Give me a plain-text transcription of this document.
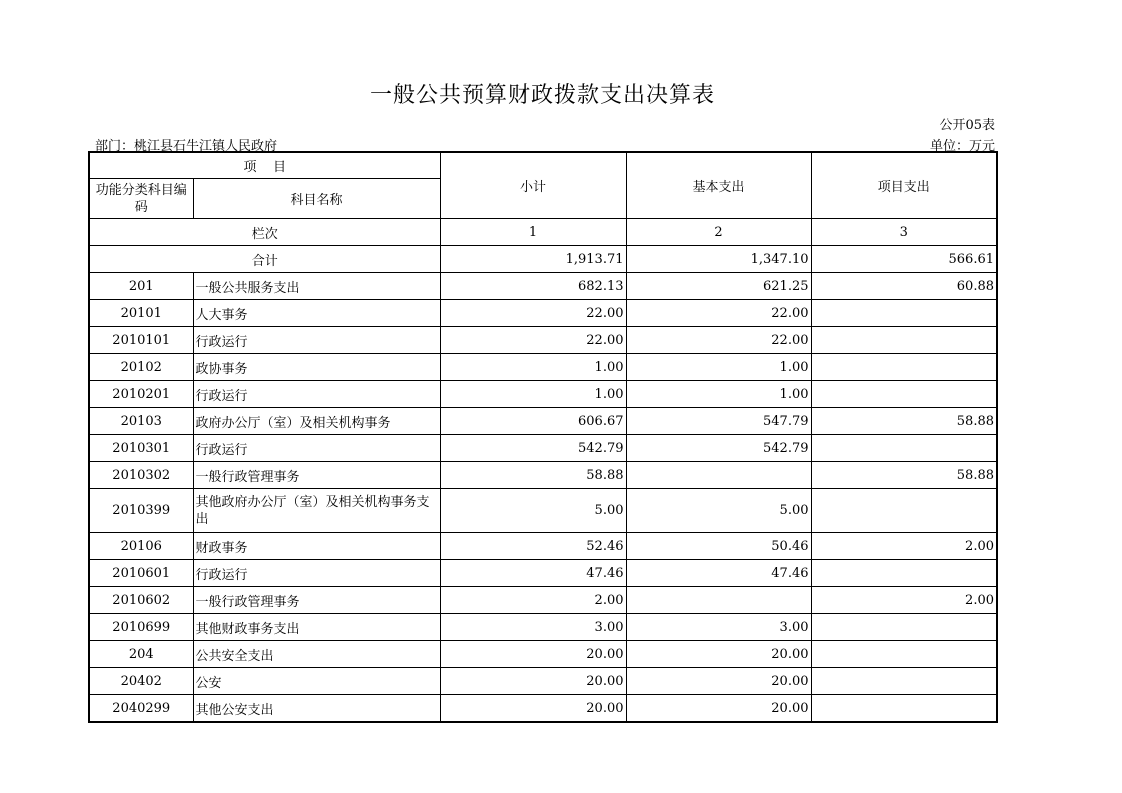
一般公共预算财政拨款支出决算表
公开05表
部门：桃江县石牛江镇人民政府	单位：万元
项    目		小计	基本支出	项目支出
功能分类科目编码	科目名称			
栏次		1	2	3
合计		1,913.71	1,347.10	566.61
201	一般公共服务支出	682.13	621.25	60.88
20101	人大事务	22.00	22.00	
2010101	行政运行	22.00	22.00	
20102	政协事务	1.00	1.00	
2010201	行政运行	1.00	1.00	
20103	政府办公厅（室）及相关机构事务	606.67	547.79	58.88
2010301	行政运行	542.79	542.79	
2010302	一般行政管理事务	58.88		58.88
2010399	其他政府办公厅（室）及相关机构事务支出	5.00	5.00	
20106	财政事务	52.46	50.46	2.00
2010601	行政运行	47.46	47.46	
2010602	一般行政管理事务	2.00		2.00
2010699	其他财政事务支出	3.00	3.00	
204	公共安全支出	20.00	20.00	
20402	公安	20.00	20.00	
2040299	其他公安支出	20.00	20.00	
